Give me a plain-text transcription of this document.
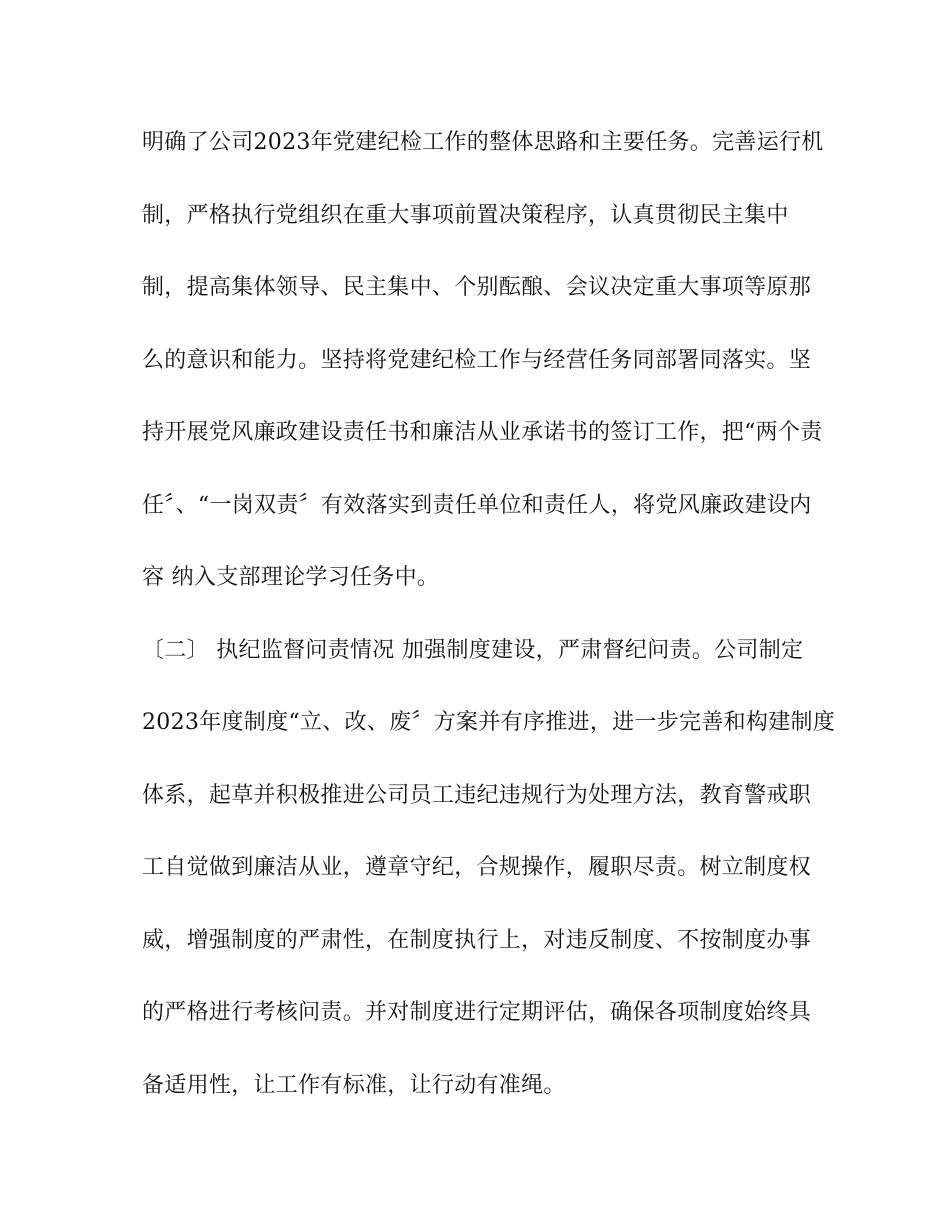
明确了公司2023年党建纪检工作的整体思路和主要任务。完善运行机
制，严格执行党组织在重大事项前置决策程序，认真贯彻民主集中
制，提高集体领导、民主集中、个别酝酿、会议决定重大事项等原那
么的意识和能力。坚持将党建纪检工作与经营任务同部署同落实。坚
持开展党风廉政建设责任书和廉洁从业承诺书的签订工作，把“两个责
任〞、“一岗双责〞有效落实到责任单位和责任人，将党风廉政建设内
容 纳入支部理论学习任务中。
〔二〕 执纪监督问责情况 加强制度建设，严肃督纪问责。公司制定
2023年度制度“立、改、废〞方案并有序推进，进一步完善和构建制度
体系，起草并积极推进公司员工违纪违规行为处理方法，教育警戒职
工自觉做到廉洁从业，遵章守纪，合规操作，履职尽责。树立制度权
威，增强制度的严肃性，在制度执行上，对违反制度、不按制度办事
的严格进行考核问责。并对制度进行定期评估，确保各项制度始终具
备适用性，让工作有标准，让行动有准绳。
